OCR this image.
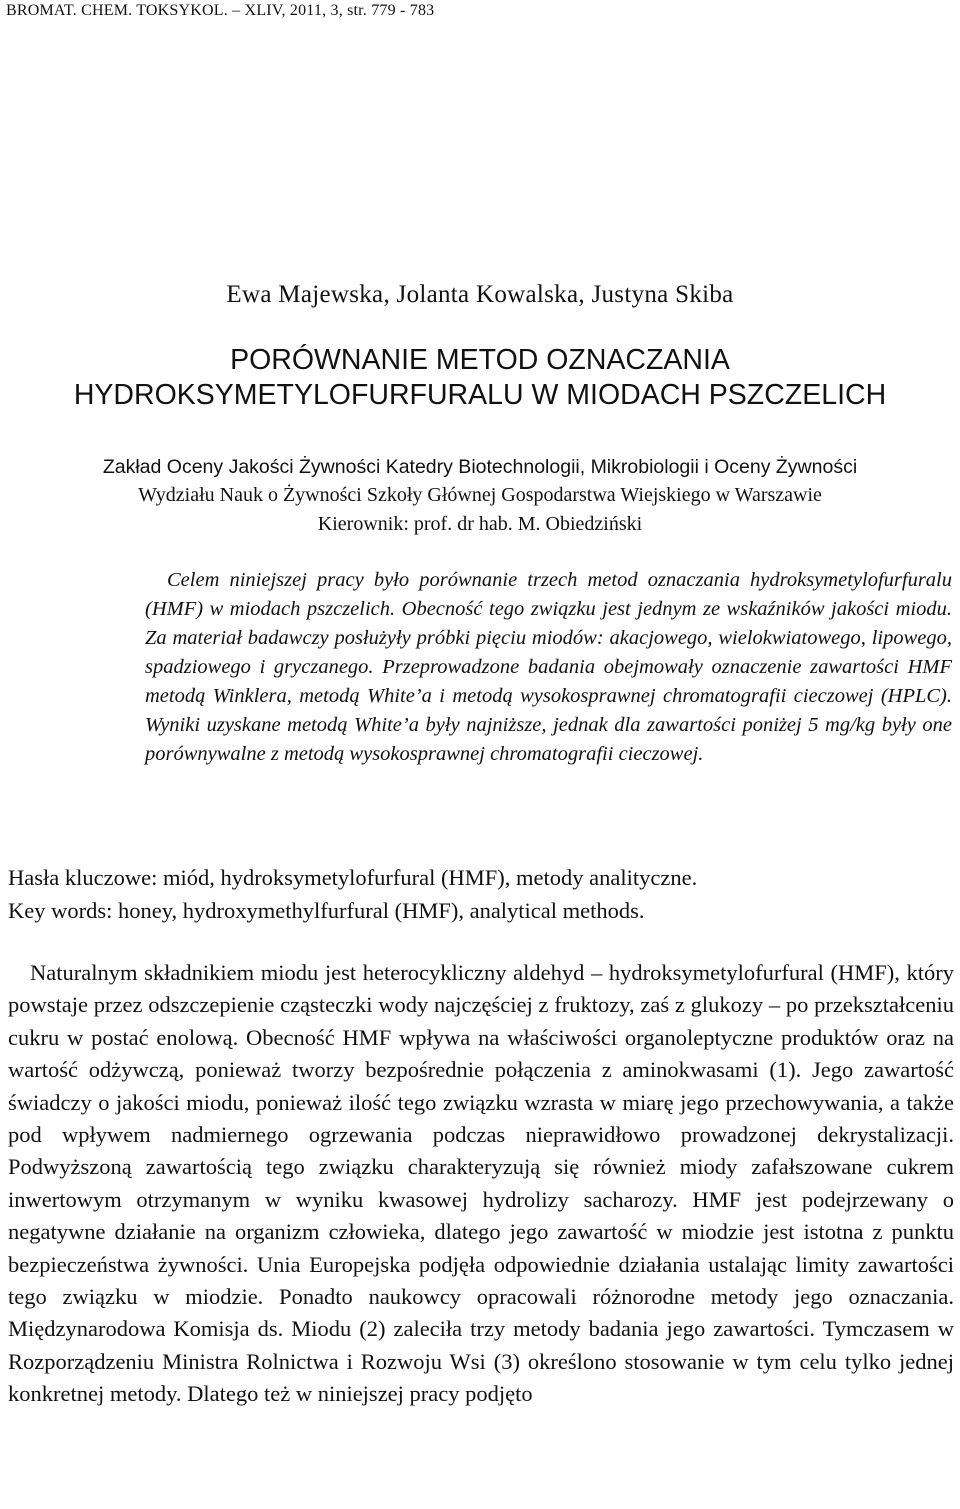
BROMAT. CHEM. TOKSYKOL. – XLIV, 2011, 3, str. 779 - 783
Ewa Majewska, Jolanta Kowalska, Justyna Skiba
PORÓWNANIE METOD OZNACZANIA
HYDROKSYMETYLOFURFURALU W MIODACH PSZCZELICH
Zakład Oceny Jakości Żywności Katedry Biotechnologii, Mikrobiologii i Oceny Żywności
Wydziału Nauk o Żywności Szkoły Głównej Gospodarstwa Wiejskiego w Warszawie
Kierownik: prof. dr hab. M. Obiedziński

Celem niniejszej pracy było porównanie trzech metod oznaczania hydroksymetylofurfuralu (HMF) w miodach pszczelich. Obecność tego związku jest jednym ze wskaźników jakości miodu. Za materiał badawczy posłużyły próbki pięciu miodów: akacjowego, wielokwiatowego, lipowego, spadziowego i gryczanego. Przeprowadzone badania obejmowały oznaczenie zawartości HMF metodą Winklera, metodą White’a i metodą wysokosprawnej chromatografii cieczowej (HPLC). Wyniki uzyskane metodą White’a były najniższe, jednak dla zawartości poniżej 5 mg/kg były one porównywalne z metodą wysokosprawnej chromatografii cieczowej.

Hasła kluczowe: miód, hydroksymetylofurfural (HMF), metody analityczne.
Key words: honey, hydroxymethylfurfural (HMF), analytical methods.

Naturalnym składnikiem miodu jest heterocykliczny aldehyd – hydroksymetylofurfural (HMF), który powstaje przez odszczepienie cząsteczki wody najczęściej z fruktozy, zaś z glukozy – po przekształceniu cukru w postać enolową. Obecność HMF wpływa na właściwości organoleptyczne produktów oraz na wartość odżywczą, ponieważ tworzy bezpośrednie połączenia z aminokwasami (1). Jego zawartość świadczy o jakości miodu, ponieważ ilość tego związku wzrasta w miarę jego przechowywania, a także pod wpływem nadmiernego ogrzewania podczas nieprawidłowo prowadzonej dekrystalizacji. Podwyższoną zawartością tego związku charakteryzują się również miody zafałszowane cukrem inwertowym otrzymanym w wyniku kwasowej hydrolizy sacharozy. HMF jest podejrzewany o negatywne działanie na organizm człowieka, dlatego jego zawartość w miodzie jest istotna z punktu bezpieczeństwa żywności. Unia Europejska podjęła odpowiednie działania ustalając limity zawartości tego związku w miodzie. Ponadto naukowcy opracowali różnorodne metody jego oznaczania. Międzynarodowa Komisja ds. Miodu (2) zaleciła trzy metody badania jego zawartości. Tymczasem w Rozporządzeniu Ministra Rolnictwa i Rozwoju Wsi (3) określono stosowanie w tym celu tylko jednej konkretnej metody. Dlatego też w niniejszej pracy podjęto
